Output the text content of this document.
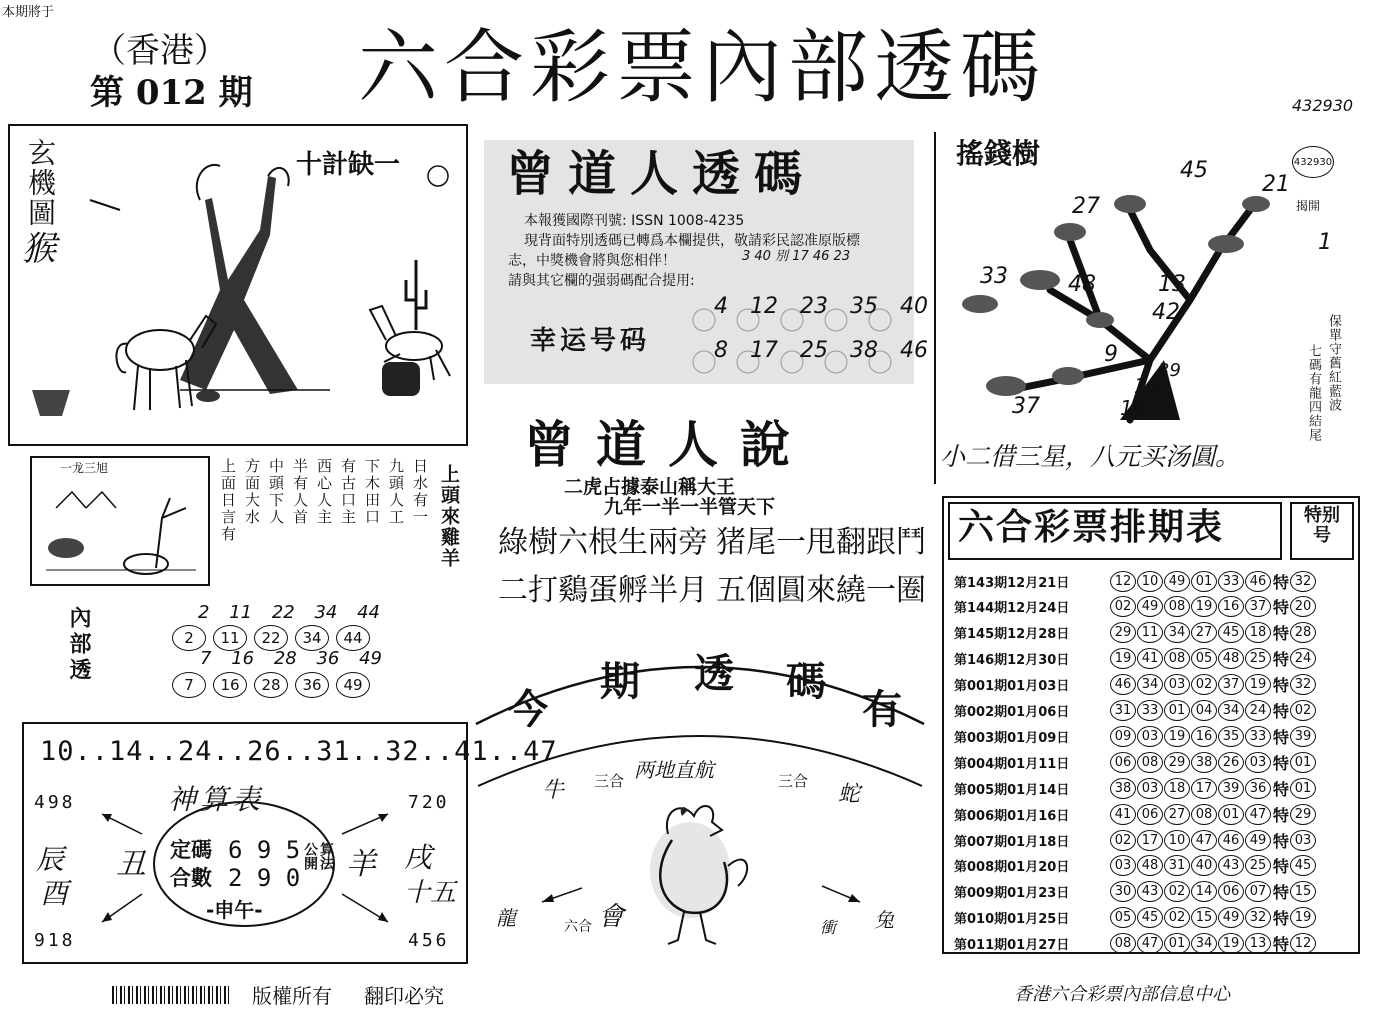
本期將于
（香港）
第 012 期 六合彩票內部透碼	432930
玄機圖
猴
十計缺一
一龙三旭	上面日言有 方面大水 中頭下人 半有人首 西心人主 有古口主 下木田口 九頭人工 日水有一 上頭來雞羊
內部透	2 11 22 34 44
2	11	22	34	44
7 16 28 36 49
7	16	28	36	49
10..14..24..26..31..32..41..47
498	720
918	456
神算表
辰
酉
丑	羊 戌
十五
定碼 6 9 5
合數 2 9 0
算法
公開
-申午-
曾道人透碼
本報獲國際刊號: ISSN 1008-4235
現背面特別透碼已轉爲本欄提供，敬請彩民認准原版標
志，中獎機會將與您相伴！
請與其它欄的强弱碼配合提用:
3 40 別 17 46 23
幸运号码
4 12 23 35 40
8 17 25 38 46
曾道人說
二虎占據泰山稱大王
九年一半一半管天下
綠樹六根生兩旁 猪尾一甩翻跟鬥
二打鷄蛋孵半月 五個圓來繞一圈
今
期 透 碼
有
两地直航
牛 三合	三合
蛇
龍	六合 會	衝 兔
搖錢樹	432930
揭開
27
45
21
1
33	48	13
42
9
19
39
37	15	保單守舊紅藍波
七碼有龍四結尾
小二借三星，八元买汤圓。
六合彩票排期表	特别号
第143期12月21日	12 10 49 01 33 46 特 32
第144期12月24日	02 49 08 19 16 37 特 20
第145期12月28日	29 11 34 27 45 18 特 28
第146期12月30日	19 41 08 05 48 25 特 24
第001期01月03日	46 34 03 02 37 19 特 32
第002期01月06日	31 33 01 04 34 24 特 02
第003期01月09日	09 03 19 16 35 33 特 39
第004期01月11日	06 08 29 38 26 03 特 01
第005期01月14日	38 03 18 17 39 36 特 01
第006期01月16日	41 06 27 08 01 47 特 29
第007期01月18日	02 17 10 47 46 49 特 03
第008期01月20日	03 48 31 40 43 25 特 45
第009期01月23日	30 43 02 14 06 07 特 15
第010期01月25日	05 45 02 15 49 32 特 19
第011期01月27日	08 47 01 34 19 13 特 12
版權所有 翻印必究	香港六合彩票內部信息中心
